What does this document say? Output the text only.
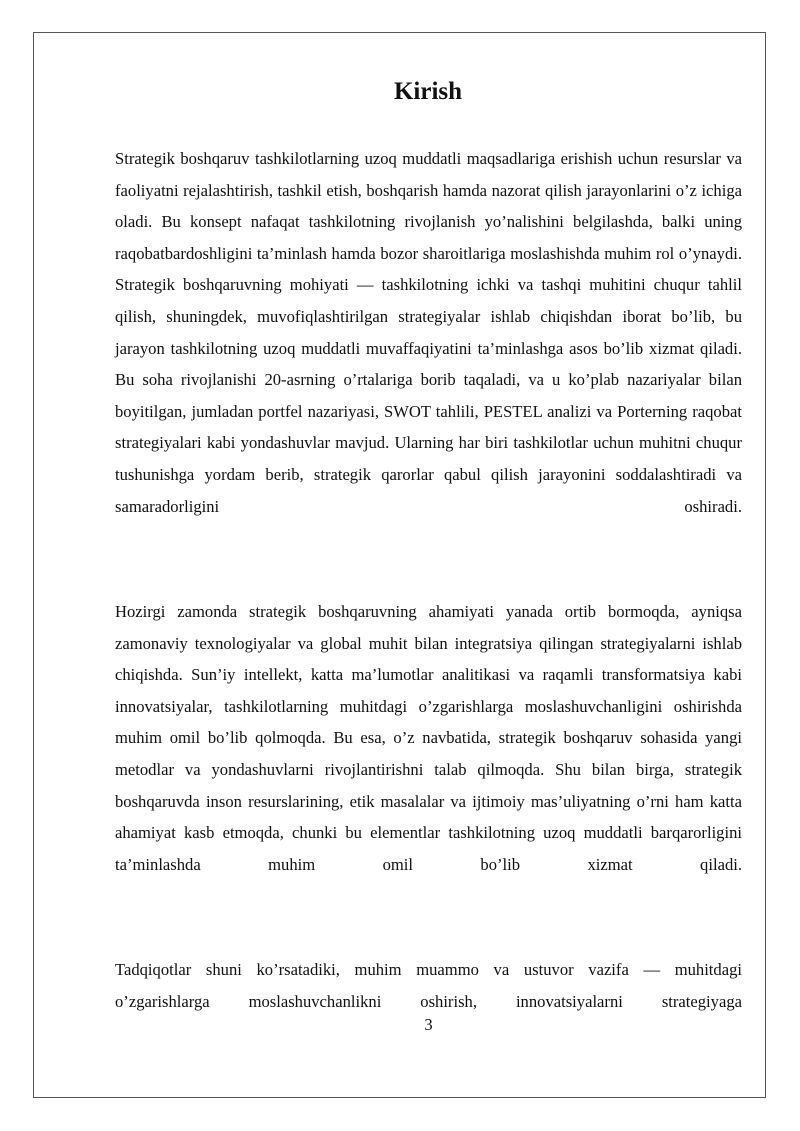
Kirish

Strategik boshqaruv tashkilotlarning uzoq muddatli maqsadlariga erishish uchun resurslar va faoliyatni rejalashtirish, tashkil etish, boshqarish hamda nazorat qilish jarayonlarini o’z ichiga oladi. Bu konsept nafaqat tashkilotning rivojlanish yo’nalishini belgilashda, balki uning raqobatbardoshligini ta’minlash hamda bozor sharoitlariga moslashishda muhim rol o’ynaydi. Strategik boshqaruvning mohiyati — tashkilotning ichki va tashqi muhitini chuqur tahlil qilish, shuningdek, muvofiqlashtirilgan strategiyalar ishlab chiqishdan iborat bo’lib, bu jarayon tashkilotning uzoq muddatli muvaffaqiyatini ta’minlashga asos bo’lib xizmat qiladi. Bu soha rivojlanishi 20-asrning o’rtalariga borib taqaladi, va u ko’plab nazariyalar bilan boyitilgan, jumladan portfel nazariyasi, SWOT tahlili, PESTEL analizi va Porterning raqobat strategiyalari kabi yondashuvlar mavjud. Ularning har biri tashkilotlar uchun muhitni chuqur tushunishga yordam berib, strategik qarorlar qabul qilish jarayonini soddalashtiradi va samaradorligini oshiradi.

Hozirgi zamonda strategik boshqaruvning ahamiyati yanada ortib bormoqda, ayniqsa zamonaviy texnologiyalar va global muhit bilan integratsiya qilingan strategiyalarni ishlab chiqishda. Sun’iy intellekt, katta ma’lumotlar analitikasi va raqamli transformatsiya kabi innovatsiyalar, tashkilotlarning muhitdagi o’zgarishlarga moslashuvchanligini oshirishda muhim omil bo’lib qolmoqda. Bu esa, o’z navbatida, strategik boshqaruv sohasida yangi metodlar va yondashuvlarni rivojlantirishni talab qilmoqda. Shu bilan birga, strategik boshqaruvda inson resurslarining, etik masalalar va ijtimoiy mas’uliyatning o’rni ham katta ahamiyat kasb etmoqda, chunki bu elementlar tashkilotning uzoq muddatli barqarorligini ta’minlashda muhim omil bo’lib xizmat qiladi.

Tadqiqotlar shuni ko’rsatadiki, muhim muammo va ustuvor vazifa — muhitdagi o’zgarishlarga moslashuvchanlikni oshirish, innovatsiyalarni strategiyaga

3
